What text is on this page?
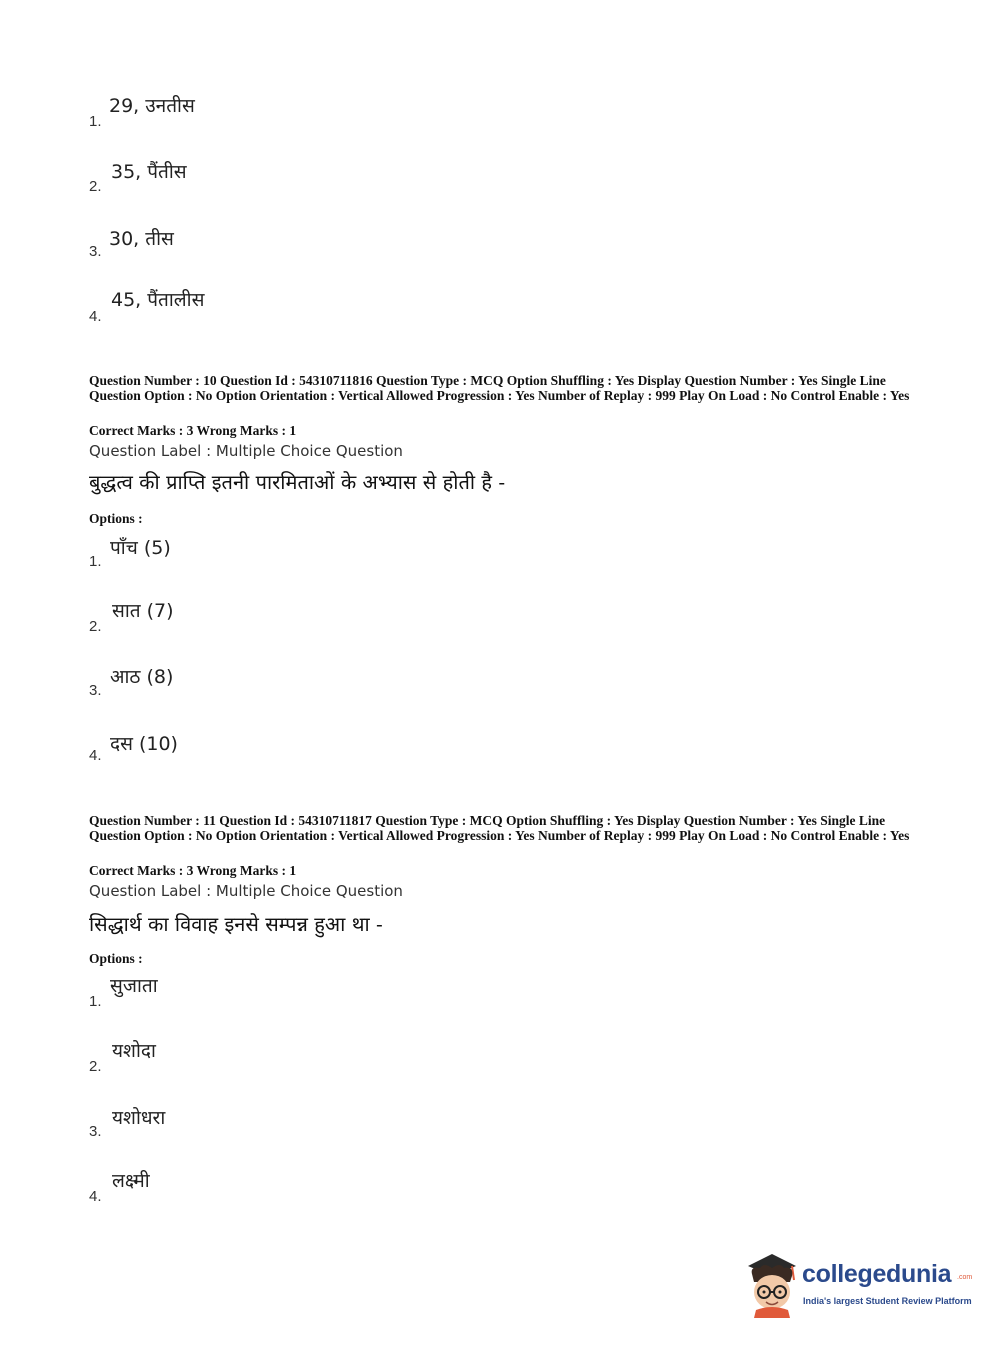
1.
29, उनतीस
2.
35, पैंतीस
3.
30, तीस
4.
45, पैंतालीस
Question Number : 10 Question Id : 54310711816 Question Type : MCQ Option Shuffling : Yes Display Question Number : Yes Single Line Question Option : No Option Orientation : Vertical Allowed Progression : Yes Number of Replay : 999 Play On Load : No Control Enable : Yes
Correct Marks : 3 Wrong Marks : 1
Question Label : Multiple Choice Question
बुद्धत्व की प्राप्ति इतनी पारमिताओं के अभ्यास से होती है -
Options :
1.
पाँच (5)
2.
सात (7)
3.
आठ (8)
4.
दस (10)
Question Number : 11 Question Id : 54310711817 Question Type : MCQ Option Shuffling : Yes Display Question Number : Yes Single Line Question Option : No Option Orientation : Vertical Allowed Progression : Yes Number of Replay : 999 Play On Load : No Control Enable : Yes
Correct Marks : 3 Wrong Marks : 1
Question Label : Multiple Choice Question
सिद्धार्थ का विवाह इनसे सम्पन्न हुआ था -
Options :
1.
सुजाता
2.
यशोदा
3.
यशोधरा
4.
लक्ष्मी
collegedunia .com
India's largest Student Review Platform
